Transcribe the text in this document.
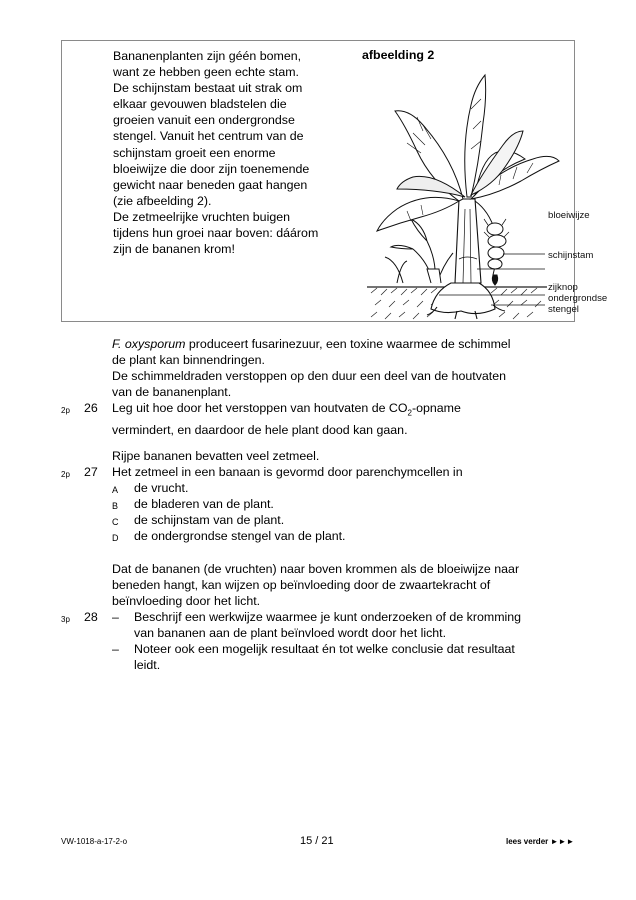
Bananenplanten zijn géén bomen,

want ze hebben geen echte stam.

De schijnstam bestaat uit strak om

elkaar gevouwen bladstelen die

groeien vanuit een ondergrondse

stengel. Vanuit het centrum van de

schijnstam groeit een enorme

bloeiwijze die door zijn toenemende

gewicht naar beneden gaat hangen

(zie afbeelding 2).

De zetmeelrijke vruchten buigen

tijdens hun groei naar boven: dáárom

zijn de bananen krom!

afbeelding 2
bloeiwijze
schijnstam
zijknop
ondergrondse
stengel

F. oxysporum produceert fusarinezuur, een toxine waarmee de schimmel

de plant kan binnendringen.

De schimmeldraden verstoppen op den duur een deel van de houtvaten

van de bananenplant.

2p 26 Leg uit hoe door het verstoppen van houtvaten de $CO_2$-opname
vermindert, en daardoor de hele plant dood kan gaan.
Rijpe bananen bevatten veel zetmeel.
2p 27 Het zetmeel in een banaan is gevormd door parenchymcellen in
A de vrucht.
B de bladeren van de plant.
C de schijnstam van de plant.
D de ondergrondse stengel van de plant.

Dat de bananen (de vruchten) naar boven krommen als de bloeiwijze naar

beneden hangt, kan wijzen op beïnvloeding door de zwaartekracht of

beïnvloeding door het licht.

3p 28 – Beschrijf een werkwijze waarmee je kunt onderzoeken of de kromming
van bananen aan de plant beïnvloed wordt door het licht.
– Noteer ook een mogelijk resultaat én tot welke conclusie dat resultaat
leidt.
VW-1018-a-17-2-o	15 / 21	lees verder ►►►
